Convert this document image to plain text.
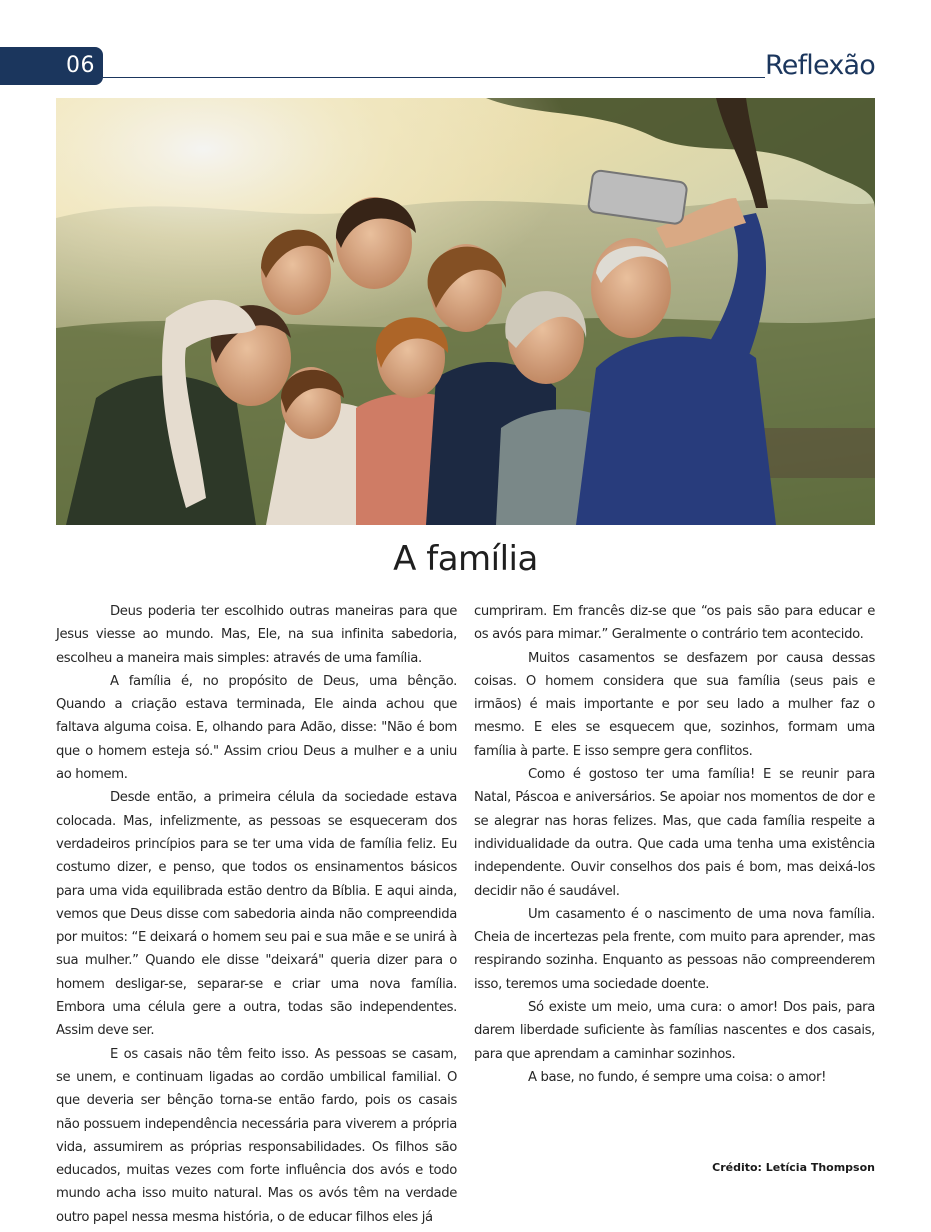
06	Reflexão
A família

Deus poderia ter escolhido outras maneiras para que Jesus viesse ao mundo. Mas, Ele, na sua infinita sabedoria, escolheu a maneira mais simples: através de uma família.

A família é, no propósito de Deus, uma bênção. Quando a criação estava terminada, Ele ainda achou que faltava alguma coisa. E, olhando para Adão, disse: "Não é bom que o homem esteja só." Assim criou Deus a mulher e a uniu ao homem.

Desde então, a primeira célula da sociedade estava colocada. Mas, infelizmente, as pessoas se esqueceram dos verdadeiros princípios para se ter uma vida de família feliz. Eu costumo dizer, e penso, que todos os ensinamentos básicos para uma vida equilibrada estão dentro da Bíblia. E aqui ainda, vemos que Deus disse com sabedoria ainda não compreendida por muitos: “E deixará o homem seu pai e sua mãe e se unirá à sua mulher.” Quando ele disse "deixará" queria dizer para o homem desligar-se, separar-se e criar uma nova família. Embora uma célula gere a outra, todas são independentes. Assim deve ser.

E os casais não têm feito isso. As pessoas se casam, se unem, e continuam ligadas ao cordão umbilical familial. O que deveria ser bênção torna-se então fardo, pois os casais não possuem independência necessária para viverem a própria vida, assumirem as próprias responsabilidades. Os filhos são educados, muitas vezes com forte influência dos avós e todo mundo acha isso muito natural. Mas os avós têm na verdade outro papel nessa mesma história, o de educar filhos eles já

cumpriram. Em francês diz-se que “os pais são para educar e os avós para mimar.” Geralmente o contrário tem acontecido.

Muitos casamentos se desfazem por causa dessas coisas. O homem considera que sua família (seus pais e irmãos) é mais importante e por seu lado a mulher faz o mesmo. E eles se esquecem que, sozinhos, formam uma família à parte. E isso sempre gera conflitos.

Como é gostoso ter uma família! E se reunir para Natal, Páscoa e aniversários. Se apoiar nos momentos de dor e se alegrar nas horas felizes. Mas, que cada família respeite a individualidade da outra. Que cada uma tenha uma existência independente. Ouvir conselhos dos pais é bom, mas deixá-los decidir não é saudável.

Um casamento é o nascimento de uma nova família. Cheia de incertezas pela frente, com muito para aprender, mas respirando sozinha. Enquanto as pessoas não compreenderem isso, teremos uma sociedade doente.

Só existe um meio, uma cura: o amor! Dos pais, para darem liberdade suficiente às famílias nascentes e dos casais, para que aprendam a caminhar sozinhos.

A base, no fundo, é sempre uma coisa: o amor!

Crédito: Letícia Thompson
